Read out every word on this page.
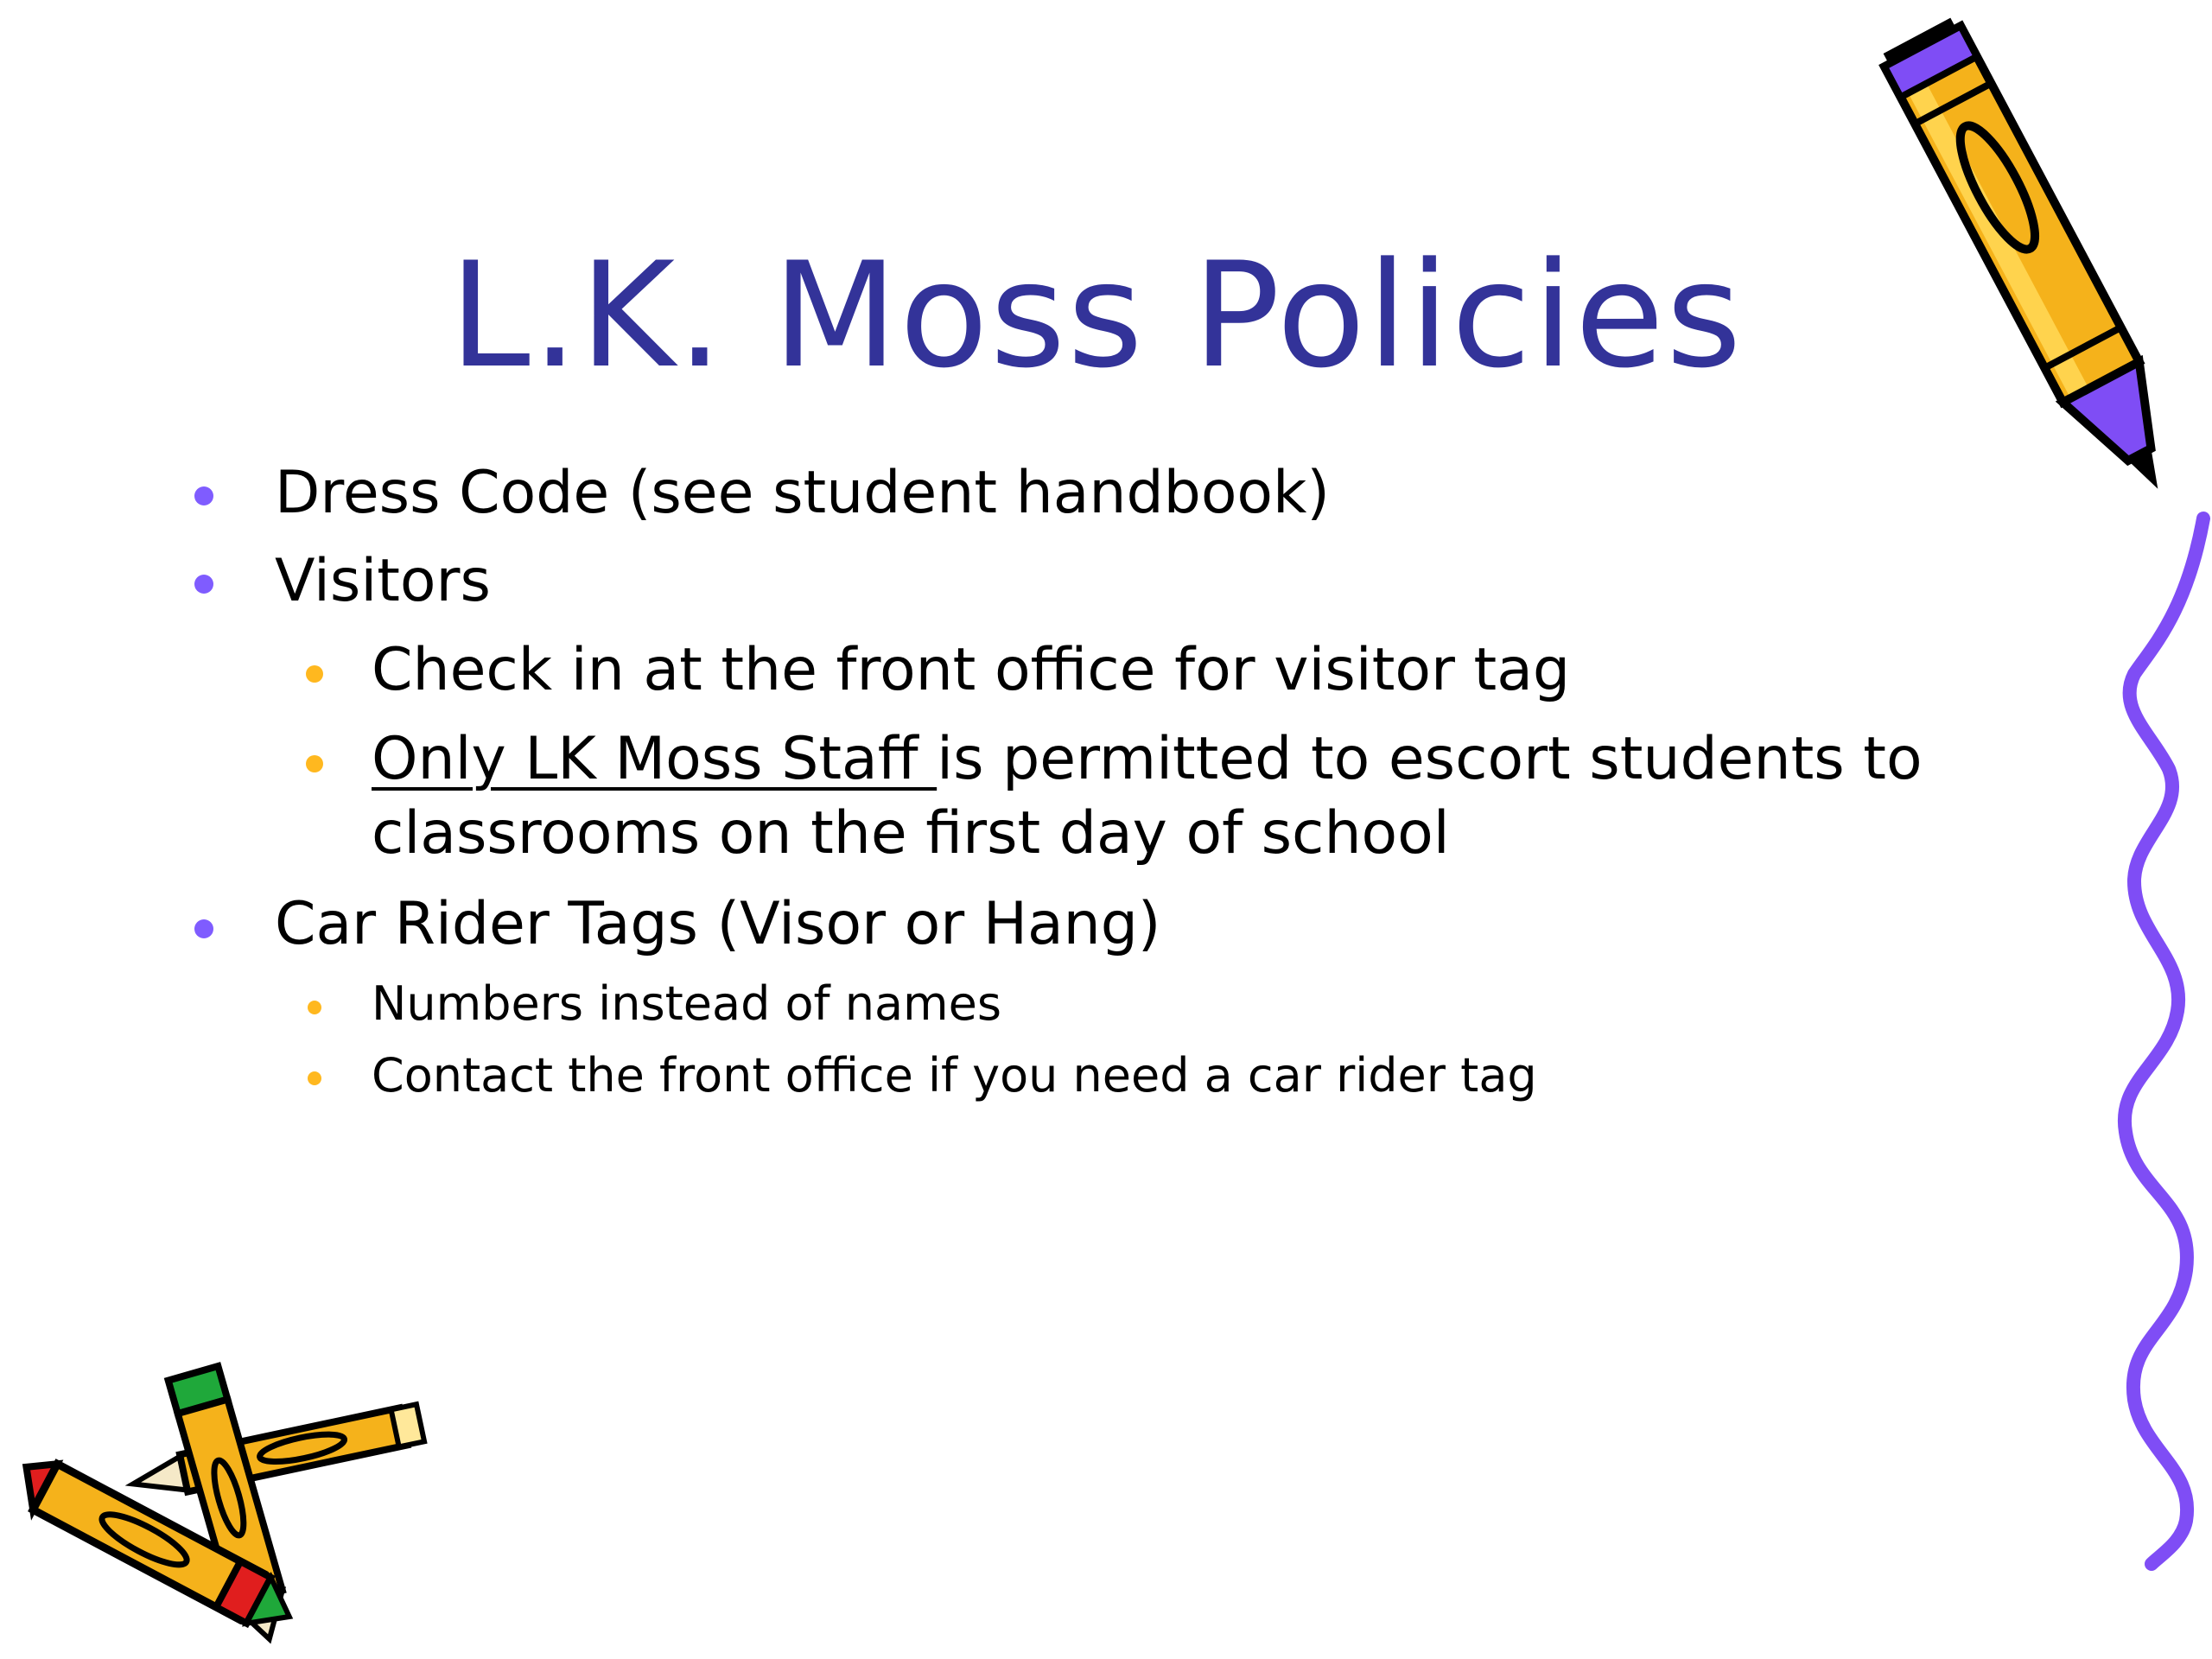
L.K. Moss Policies
Dress Code (see student handbook)
Visitors
Check in at the front office for visitor tag
Only LK Moss Staff is permitted to escort students to
classrooms on the first day of school
Car Rider Tags (Visor or Hang)
Numbers instead of names
Contact the front office if you need a car rider tag
